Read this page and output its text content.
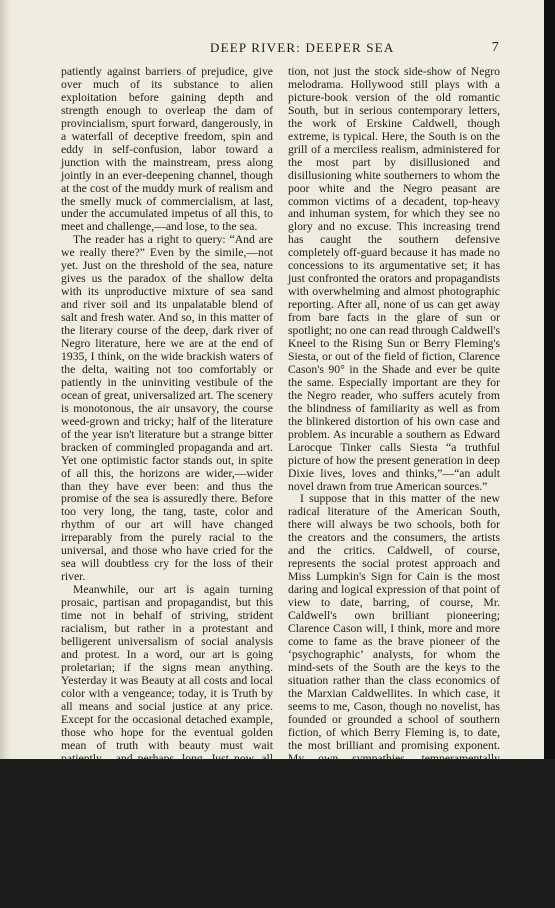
DEEP RIVER: DEEPER SEA	7

patiently against barriers of prejudice, give over much of its substance to alien exploitation before gaining depth and strength enough to overleap the dam of provincialism, spurt forward, dangerously, in a waterfall of deceptive freedom, spin and eddy in self-confusion, labor toward a junction with the mainstream, press along jointly in an ever-deepening channel, though at the cost of the muddy murk of realism and the smelly muck of commercialism, at last, under the accumulated impetus of all this, to meet and challenge,—and lose, to the sea.

The reader has a right to query: “And are we really there?” Even by the simile,—not yet. Just on the threshold of the sea, nature gives us the paradox of the shallow delta with its unproductive mixture of sea sand and river soil and its unpalatable blend of salt and fresh water. And so, in this matter of the literary course of the deep, dark river of Negro literature, here we are at the end of 1935, I think, on the wide brackish waters of the delta, waiting not too comfortably or patiently in the uninviting vestibule of the ocean of great, universalized art. The scenery is monotonous, the air unsavory, the course weed-grown and tricky; half of the literature of the year isn't literature but a strange bitter bracken of commingled propaganda and art. Yet one optimistic factor stands out, in spite of all this, the horizons are wider,—wider than they have ever been: and thus the promise of the sea is assuredly there. Before too very long, the tang, taste, color and rhythm of our art will have changed irreparably from the purely racial to the universal, and those who have cried for the sea will doubtless cry for the loss of their river.

Meanwhile, our art is again turning prosaic, partisan and propagandist, but this time not in behalf of striving, strident racialism, but rather in a protestant and belligerent universalism of social analysis and protest. In a word, our art is going proletarian; if the signs mean anything. Yesterday it was Beauty at all costs and local color with a vengeance; today, it is Truth by all means and social justice at any price. Except for the occasional detached example, those who hope for the eventual golden mean of truth with beauty must wait patiently,—and perhaps, long. Just now, all the slime and hidden secrets of the river are shouldered up on the hard, gritty sand bars and relentlessly exposed to view. Almost overnight, in the fiction and drama of Negro life, generation-old taboos have been completely broken down; in a dozen steely mirrors, miscegenation shows not its intriguing profile but its tragic full face and economic exploitation and social injustice their central tragedy of common guilt and imminent retribu-

tion, not just the stock side-show of Negro melodrama. Hollywood still plays with a picture-book version of the old romantic South, but in serious contemporary letters, the work of Erskine Caldwell, though extreme, is typical. Here, the South is on the grill of a merciless realism, administered for the most part by disillusioned and disillusioning white southerners to whom the poor white and the Negro peasant are common victims of a decadent, top-heavy and inhuman system, for which they see no glory and no excuse. This increasing trend has caught the southern defensive completely off-guard because it has made no concessions to its argumentative set; it has just confronted the orators and propagandists with overwhelming and almost photographic reporting. After all, none of us can get away from bare facts in the glare of sun or spotlight; no one can read through Caldwell's Kneel to the Rising Sun or Berry Fleming's Siesta, or out of the field of fiction, Clarence Cason's 90° in the Shade and ever be quite the same. Especially important are they for the Negro reader, who suffers acutely from the blindness of familiarity as well as from the blinkered distortion of his own case and problem. As incurable a southern as Edward Larocque Tinker calls Siesta “a truthful picture of how the present generation in deep Dixie lives, loves and thinks,”—“an adult novel drawn from true American sources.”

I suppose that in this matter of the new radical literature of the American South, there will always be two schools, both for the creators and the consumers, the artists and the critics. Caldwell, of course, represents the social protest approach and Miss Lumpkin's Sign for Cain is the most daring and logical expression of that point of view to date, barring, of course, Mr. Caldwell's own brilliant pioneering; Clarence Cason will, I think, more and more come to fame as the brave pioneer of the ‘psychographic’ analysts, for whom the mind-sets of the South are the keys to the situation rather than the class economics of the Marxian Caldwellites. In which case, it seems to me, Cason, though no novelist, has founded or grounded a school of southern fiction, of which Berry Fleming is, to date, the most brilliant and promising exponent. My own sympathies, temperamentally determined no doubt, are with the psycho-analysts; but I grant the power, integrity and increasing vogue of the Marxians. What is of greater importance than this issue of approach and technique is the overwhelming agreement of both schools on the evidence of fact. They corroborate each other on the facts of the case startlingly; and together they raise up a new plateau both for the artistic and the social understanding of the South and
